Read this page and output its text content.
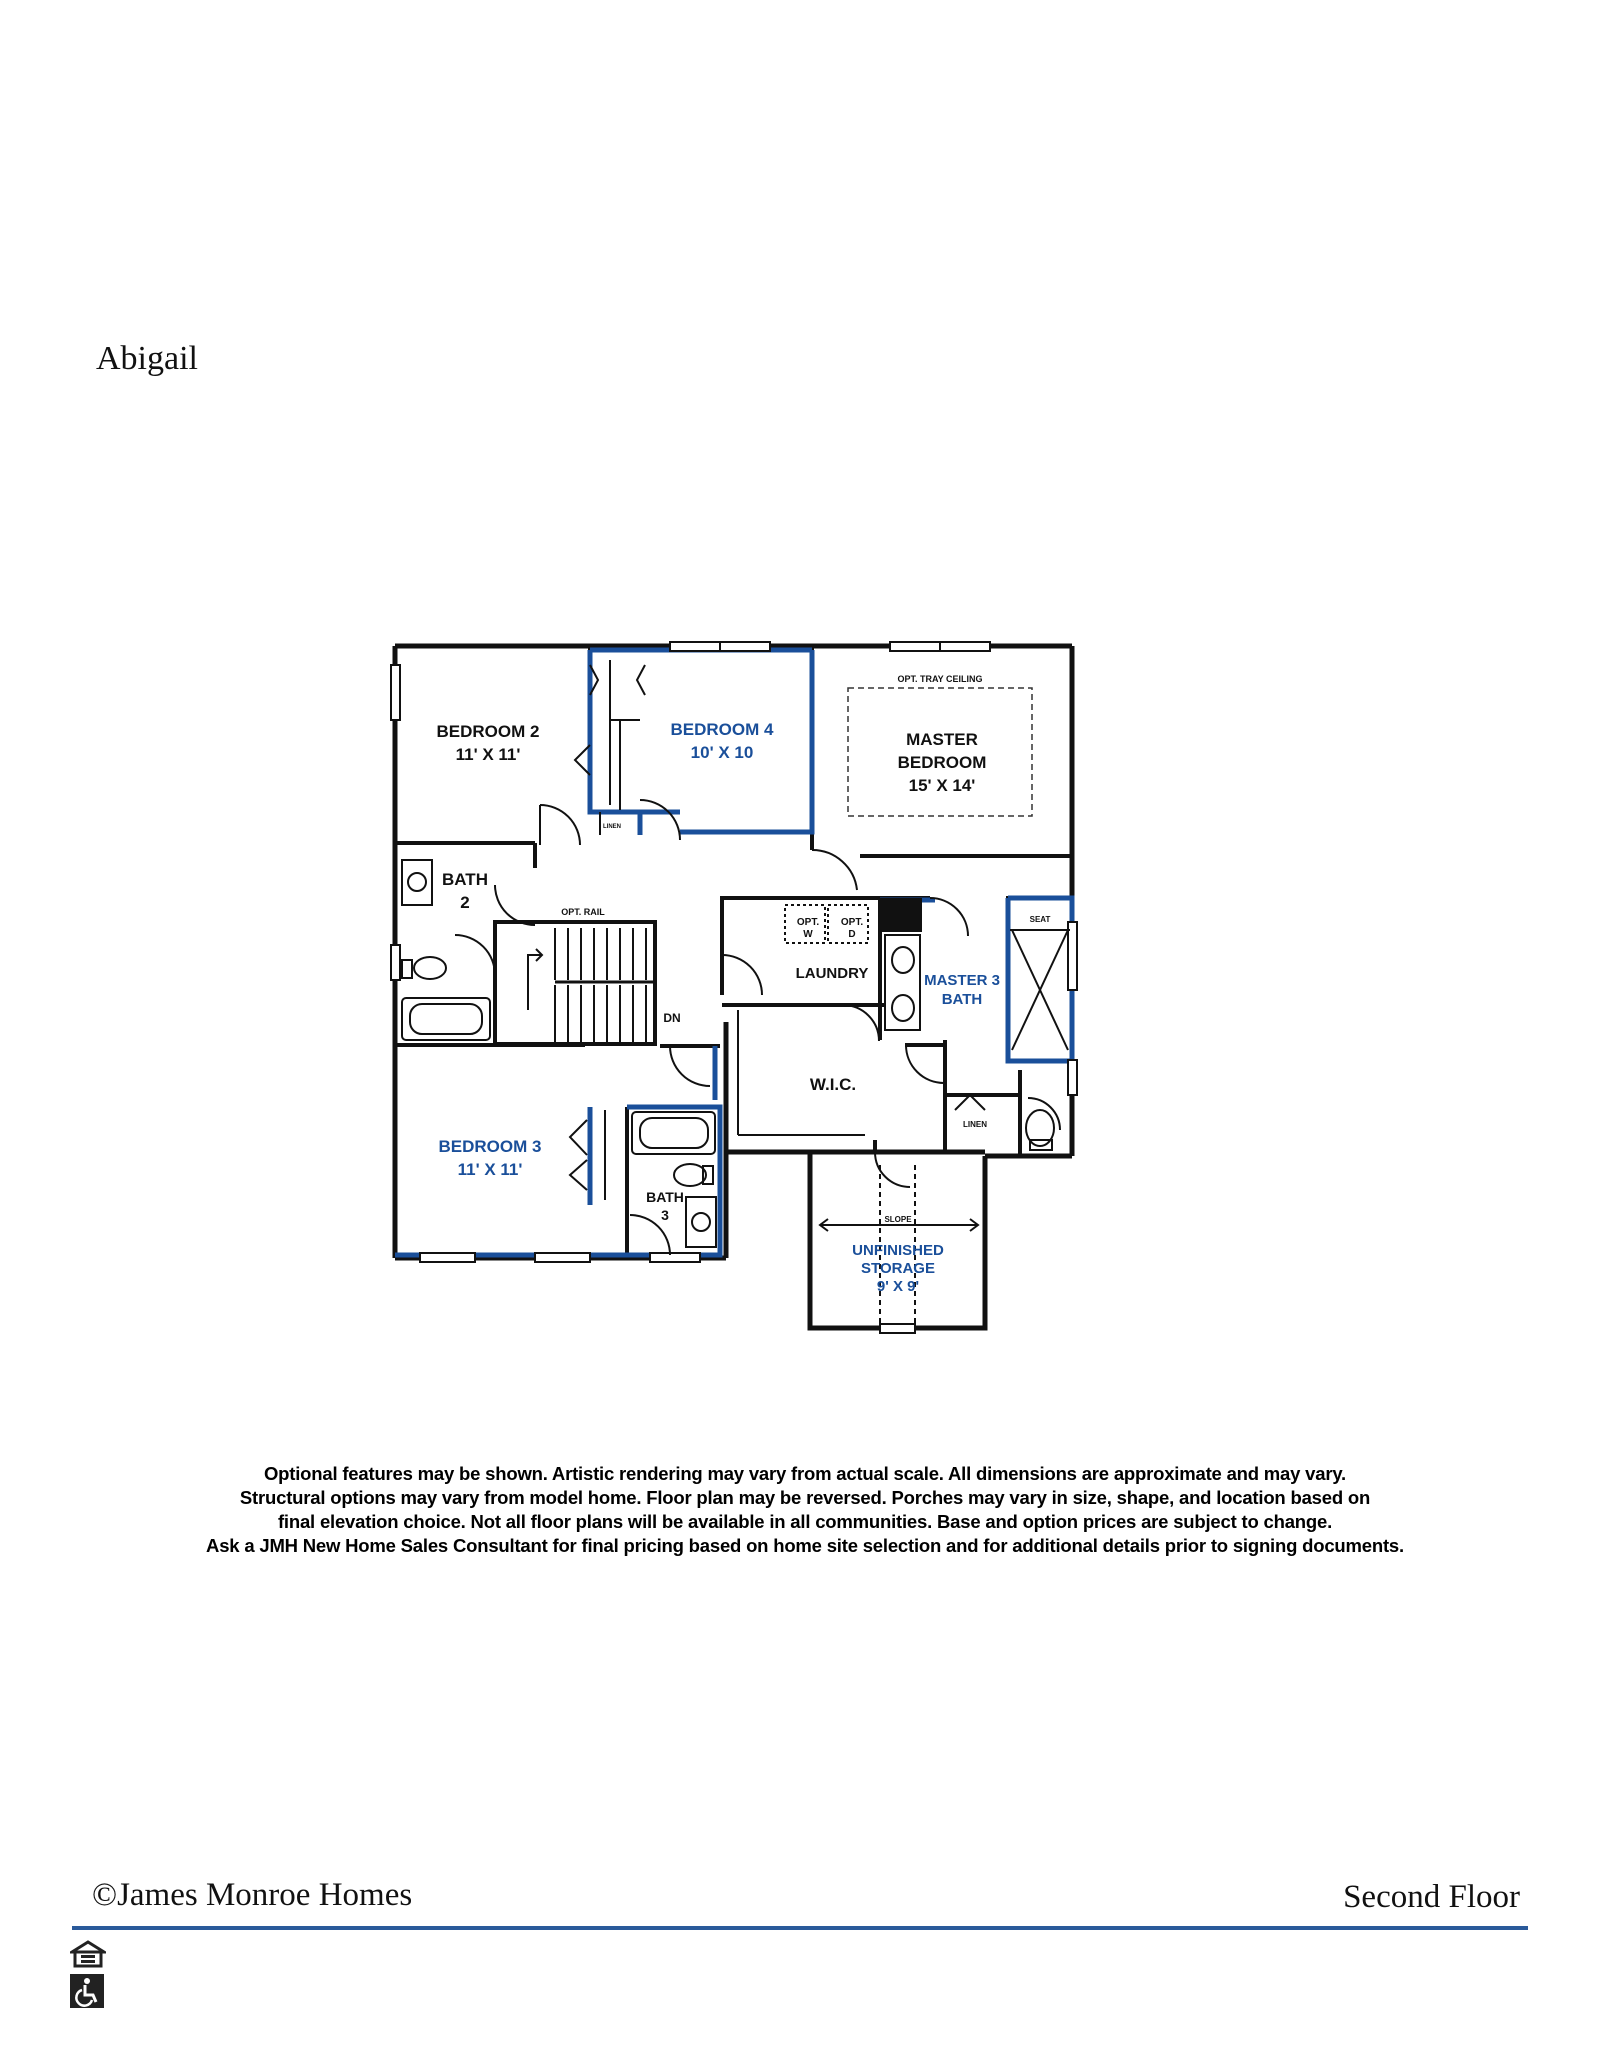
Abigail
BEDROOM 2
11' X 11'
BEDROOM 4
10' X 10
OPT. TRAY CEILING
MASTER
BEDROOM
15' X 14'
BATH
2	OPT. RAIL
LINEN
DN
LAUNDRY
OPT.
W
OPT.
D
MASTER 3
BATH
SEAT
W.I.C.
LINEN
BEDROOM 3
11' X 11'
BATH
3	SLOPE
UNFINISHED
STORAGE
9' X 9'
Optional features may be shown. Artistic rendering may vary from actual scale. All dimensions are approximate and may vary.
Structural options may vary from model home. Floor plan may be reversed. Porches may vary in size, shape, and location based on
final elevation choice. Not all floor plans will be available in all communities. Base and option prices are subject to change.
Ask a JMH New Home Sales Consultant for final pricing based on home site selection and for additional details prior to signing documents.
©James Monroe Homes	Second Floor
